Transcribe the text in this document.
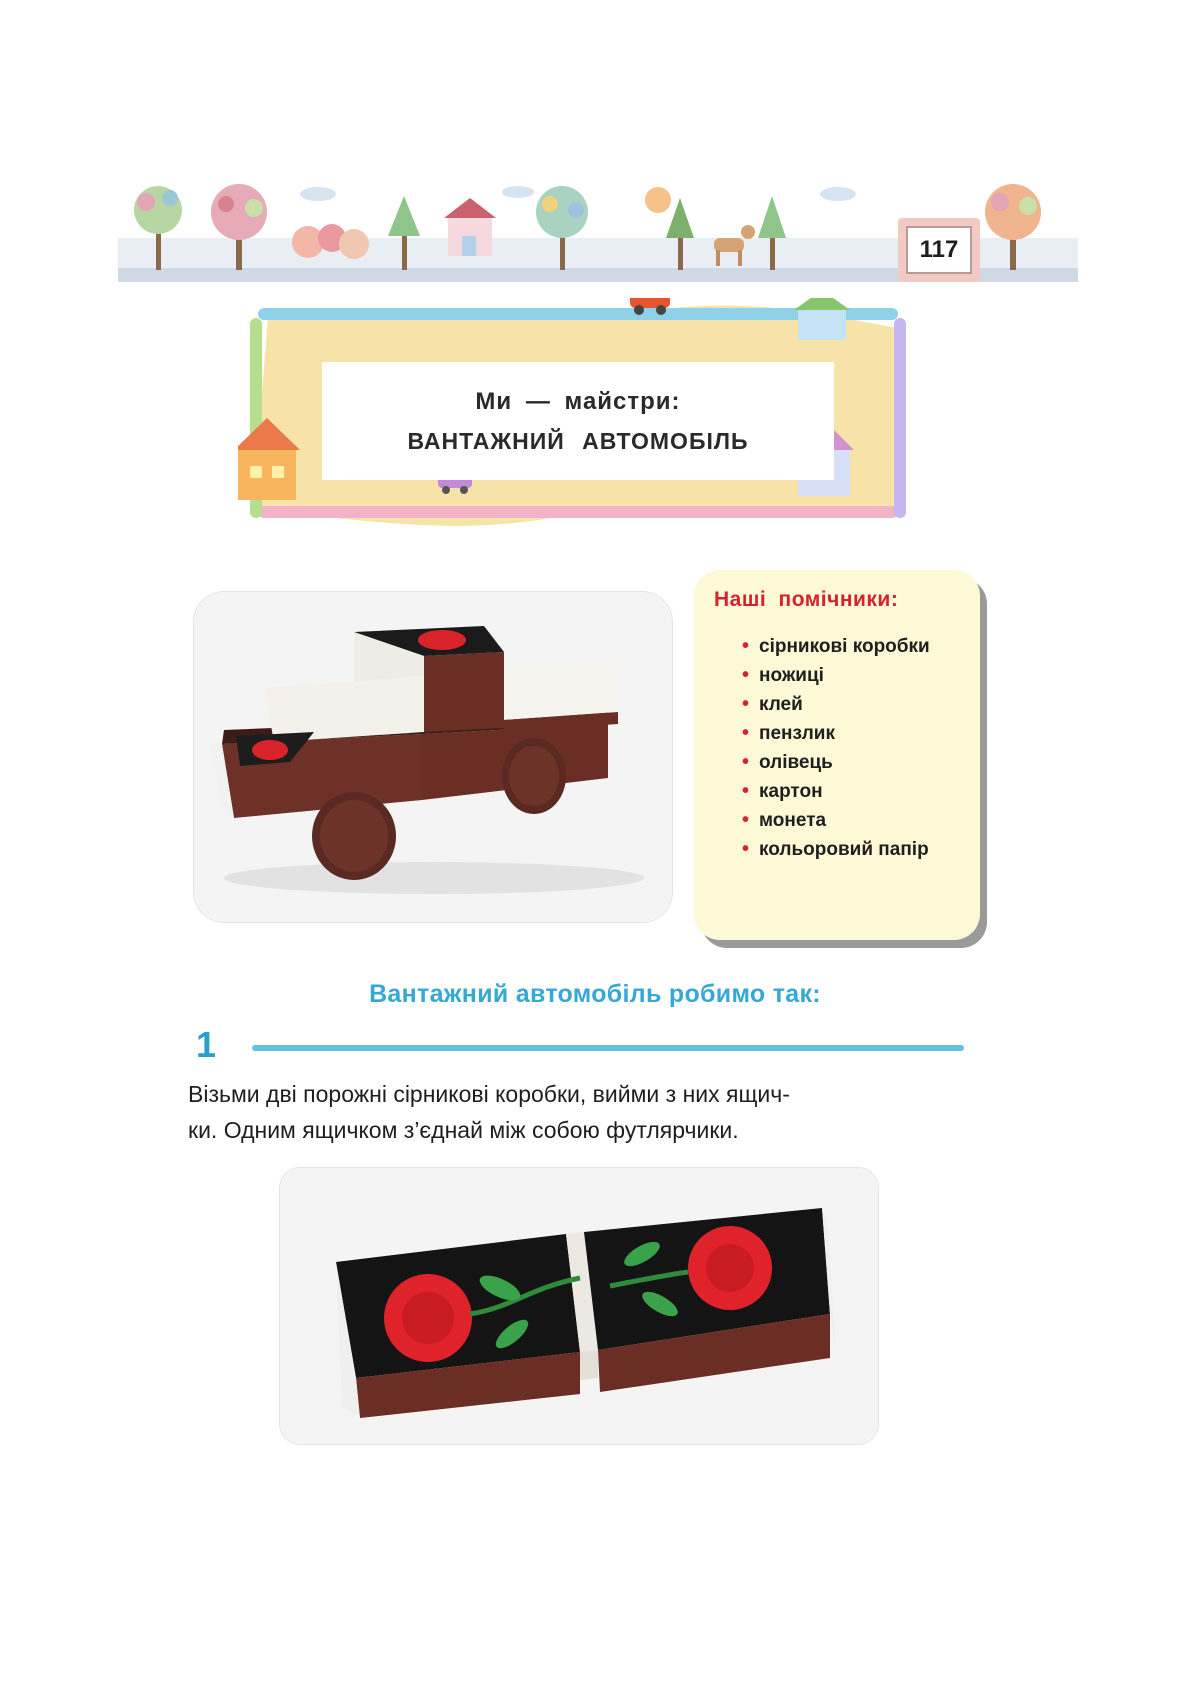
117
Ми — майстри:
ВАНТАЖНИЙ АВТОМОБІЛЬ
Наші помічники:
• сірникові коробки
• ножиці
• клей
• пензлик
• олівець
• картон
• монета
• кольоровий папір
Вантажний автомобіль робимо так:
1

Візьми дві порожні сірникові коробки, вийми з них ящич-

ки. Одним ящичком з’єднай між собою футлярчики.
